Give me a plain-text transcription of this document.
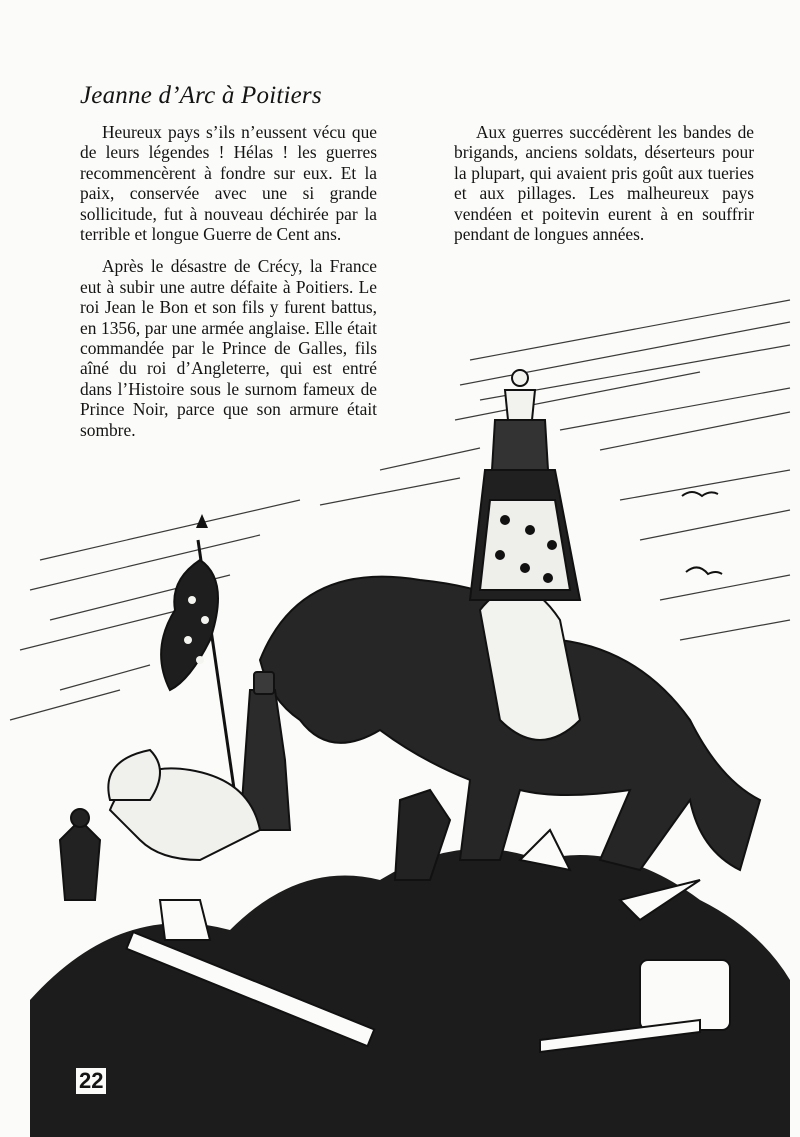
Jeanne d’Arc à Poitiers

Heureux pays s’ils n’eussent vécu que de leurs légendes ! Hélas ! les guerres recommencèrent à fondre sur eux. Et la paix, conservée avec une si grande sollicitude, fut à nouveau déchirée par la terrible et longue Guerre de Cent ans.

Après le désastre de Crécy, la France eut à subir une autre défaite à Poitiers. Le roi Jean le Bon et son fils y furent battus, en 1356, par une armée anglaise. Elle était commandée par le Prince de Galles, fils aîné du roi d’Angleterre, qui est entré dans l’Histoire sous le surnom fameux de Prince Noir, parce que son armure était sombre.

Aux guerres succédèrent les bandes de brigands, anciens soldats, déserteurs pour la plupart, qui avaient pris goût aux tueries et aux pillages. Les malheureux pays vendéen et poitevin eurent à en souffrir pendant de longues années.

22
